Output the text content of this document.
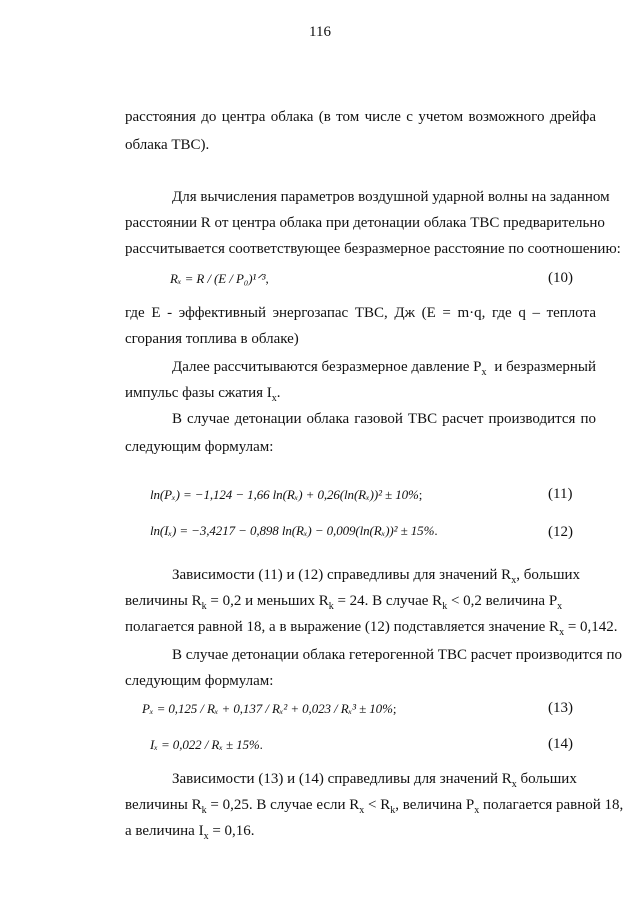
116
расстояния до центра облака (в том числе с учетом возможного дрейфа
облака ТВС).
Для вычисления параметров воздушной ударной волны на заданном
расстоянии R от центра облака при детонации облака ТВС предварительно
рассчитывается соответствующее безразмерное расстояние по соотношению:
Rₓ = R / (E / P₀)¹ᐟ³,	(10)
где E - эффективный энергозапас ТВС, Дж (E = m·q, где q – теплота
сгорания топлива в облаке)
Далее рассчитываются безразмерное давление $P_x$ и безразмерный
импульс фазы сжатия $I_x$.
В случае детонации облака газовой ТВС расчет производится по
следующим формулам:
ln(Pₓ) = −1,124 − 1,66 ln(Rₓ) + 0,26(ln(Rₓ))² ± 10%;	(11)
ln(Iₓ) = −3,4217 − 0,898 ln(Rₓ) − 0,009(ln(Rₓ))² ± 15%.	(12)
Зависимости (11) и (12) справедливы для значений $R_x$, больших
величины $R_k = 0,2$ и меньших $R_k = 24$. В случае $R_k < 0,2$ величина $P_x$
полагается равной 18, а в выражение (12) подставляется значение $R_x = 0,142$.
В случае детонации облака гетерогенной ТВС расчет производится по
следующим формулам:
Pₓ = 0,125 / Rₓ + 0,137 / Rₓ² + 0,023 / Rₓ³ ± 10%;	(13)
Iₓ = 0,022 / Rₓ ± 15%.	(14)
Зависимости (13) и (14) справедливы для значений $R_x$ больших
величины $R_k = 0,25$. В случае если $R_x < R_k$, величина $P_x$ полагается равной 18,
а величина $I_x = 0,16$.
